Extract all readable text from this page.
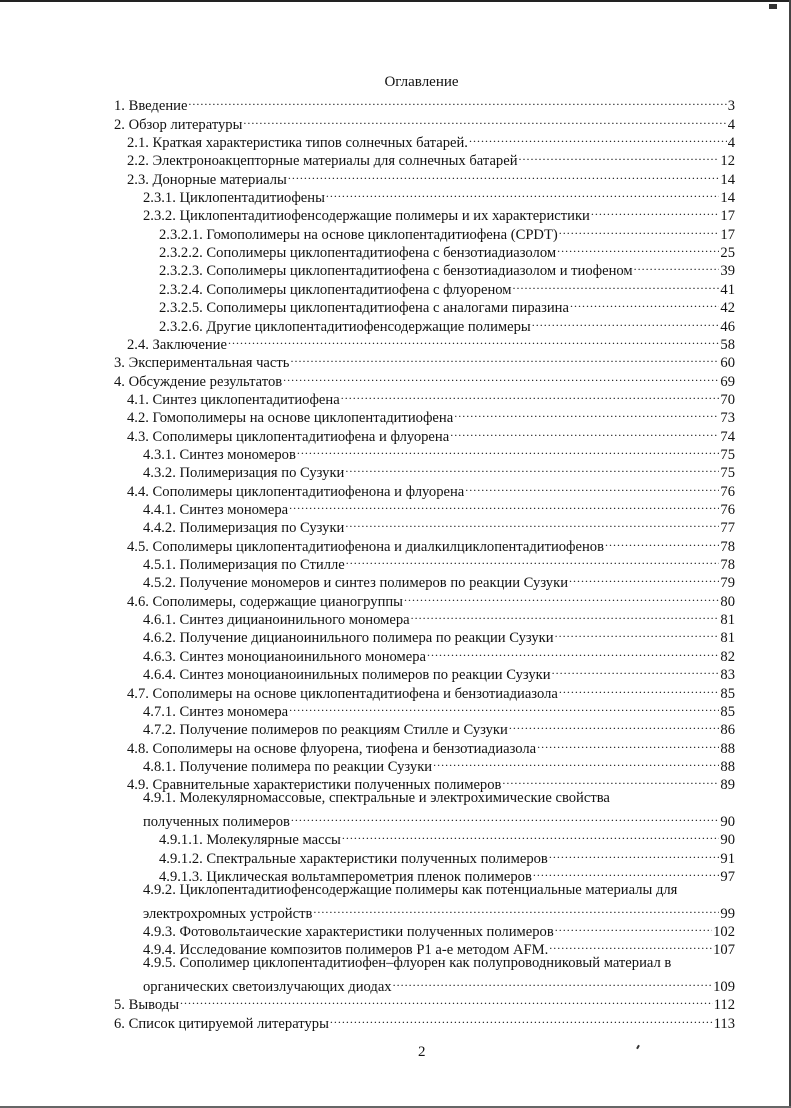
Оглавление
1. Введение .....	3
2. Обзор литературы .....	4
2.1. Краткая характеристика типов солнечных батарей. .....	4
2.2. Электроноакцепторные материалы для солнечных батарей .....	12
2.3. Донорные материалы .....	14
2.3.1. Циклопентадитиофены .....	14
2.3.2. Циклопентадитиофенсодержащие полимеры и их характеристики .....	17
2.3.2.1. Гомополимеры на основе циклопентадитиофена (CPDT) .....	17
2.3.2.2. Сополимеры циклопентадитиофена с бензотиадиазолом .....	25
2.3.2.3. Сополимеры циклопентадитиофена с бензотиадиазолом и тиофеном .....	39
2.3.2.4. Сополимеры циклопентадитиофена с флуореном .....	41
2.3.2.5. Сополимеры циклопентадитиофена с аналогами пиразина .....	42
2.3.2.6. Другие циклопентадитиофенсодержащие полимеры .....	46
2.4. Заключение .....	58
3. Экспериментальная часть .....	60
4. Обсуждение результатов .....	69
4.1. Синтез циклопентадитиофена .....	70
4.2. Гомополимеры на основе циклопентадитиофена .....	73
4.3. Сополимеры циклопентадитиофена и флуорена .....	74
4.3.1. Синтез мономеров .....	75
4.3.2. Полимеризация по Сузуки .....	75
4.4. Сополимеры циклопентадитиофенона и флуорена .....	76
4.4.1. Синтез мономера .....	76
4.4.2. Полимеризация по Сузуки .....	77
4.5. Сополимеры циклопентадитиофенона и диалкилциклопентадитиофенов .....	78
4.5.1. Полимеризация по Стилле .....	78
4.5.2. Получение мономеров и синтез полимеров по реакции Сузуки .....	79
4.6. Сополимеры, содержащие цианогруппы .....	80
4.6.1. Синтез дицианоинильного мономера .....	81
4.6.2. Получение дицианоинильного полимера по реакции Сузуки .....	81
4.6.3. Синтез моноцианоинильного мономера .....	82
4.6.4. Синтез моноцианоинильных полимеров по реакции Сузуки .....	83
4.7. Сополимеры на основе циклопентадитиофена и бензотиадиазола .....	85
4.7.1. Синтез мономера .....	85
4.7.2. Получение полимеров по реакциям Стилле и Сузуки .....	86
4.8. Сополимеры на основе флуорена, тиофена и бензотиадиазола .....	88
4.8.1. Получение полимера по реакции Сузуки .....	88
4.9. Сравнительные характеристики полученных полимеров .....	89
4.9.1. Молекулярномассовые, спектральные и электрохимические свойства
полученных полимеров .....	90
4.9.1.1. Молекулярные массы .....	90
4.9.1.2. Спектральные характеристики полученных полимеров .....	91
4.9.1.3. Циклическая вольтамперометрия пленок полимеров .....	97
4.9.2. Циклопентадитиофенсодержащие полимеры как потенциальные материалы для
электрохромных устройств .....	99
4.9.3. Фотовольтаические характеристики полученных полимеров .....	102
4.9.4. Исследование композитов полимеров P1 a-e методом AFM. .....	107
4.9.5. Сополимер циклопентадитиофен–флуорен как полупроводниковый материал в
органических светоизлучающих диодах .....	109
5. Выводы .....	112
6. Список цитируемой литературы .....	113
2
